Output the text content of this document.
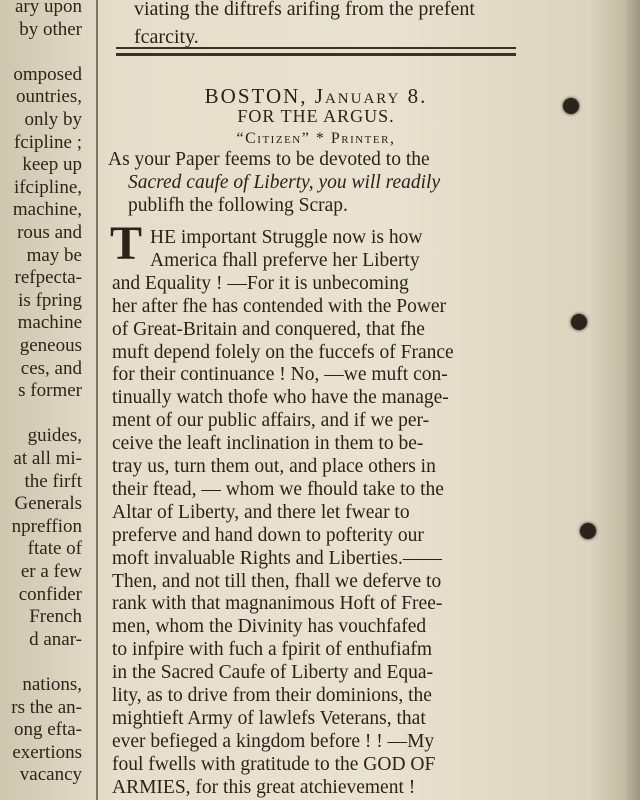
ary upon
by other
omposed
ountries,
only by
fcipline ;
keep up
ifcipline,
machine,
rous and
may be
refpecta-
is fpring
machine
geneous
ces, and
s former
guides,
at all mi-
the firft
Generals
npreffion
ftate of
er a few
confider
French
d anar-
nations,
rs the an-
ong efta-
exertions
vacancy
viating the diftrefs arifing from the prefent
fcarcity.
BOSTON, January 8.
FOR THE ARGUS.
“Citizen” * Printer,
As your Paper feems to be devoted to the
Sacred caufe of Liberty, you will readily
publifh the following Scrap.
T HE important Struggle now is how
America fhall preferve her Liberty
and Equality ! —For it is unbecoming
her after fhe has contended with the Power
of Great-Britain and conquered, that fhe
muft depend folely on the fuccefs of France
for their continuance ! No, —we muft con-
tinually watch thofe who have the manage-
ment of our public affairs, and if we per-
ceive the leaft inclination in them to be-
tray us, turn them out, and place others in
their ftead, — whom we fhould take to the
Altar of Liberty, and there let fwear to
preferve and hand down to pofterity our
moft invaluable Rights and Liberties.——
Then, and not till then, fhall we deferve to
rank with that magnanimous Hoft of Free-
men, whom the Divinity has vouchfafed
to infpire with fuch a fpirit of enthufiafm
in the Sacred Caufe of Liberty and Equa-
lity, as to drive from their dominions, the
mightieft Army of lawlefs Veterans, that
ever befieged a kingdom before ! ! —My
foul fwells with gratitude to the GOD OF
ARMIES, for this great atchievement !
